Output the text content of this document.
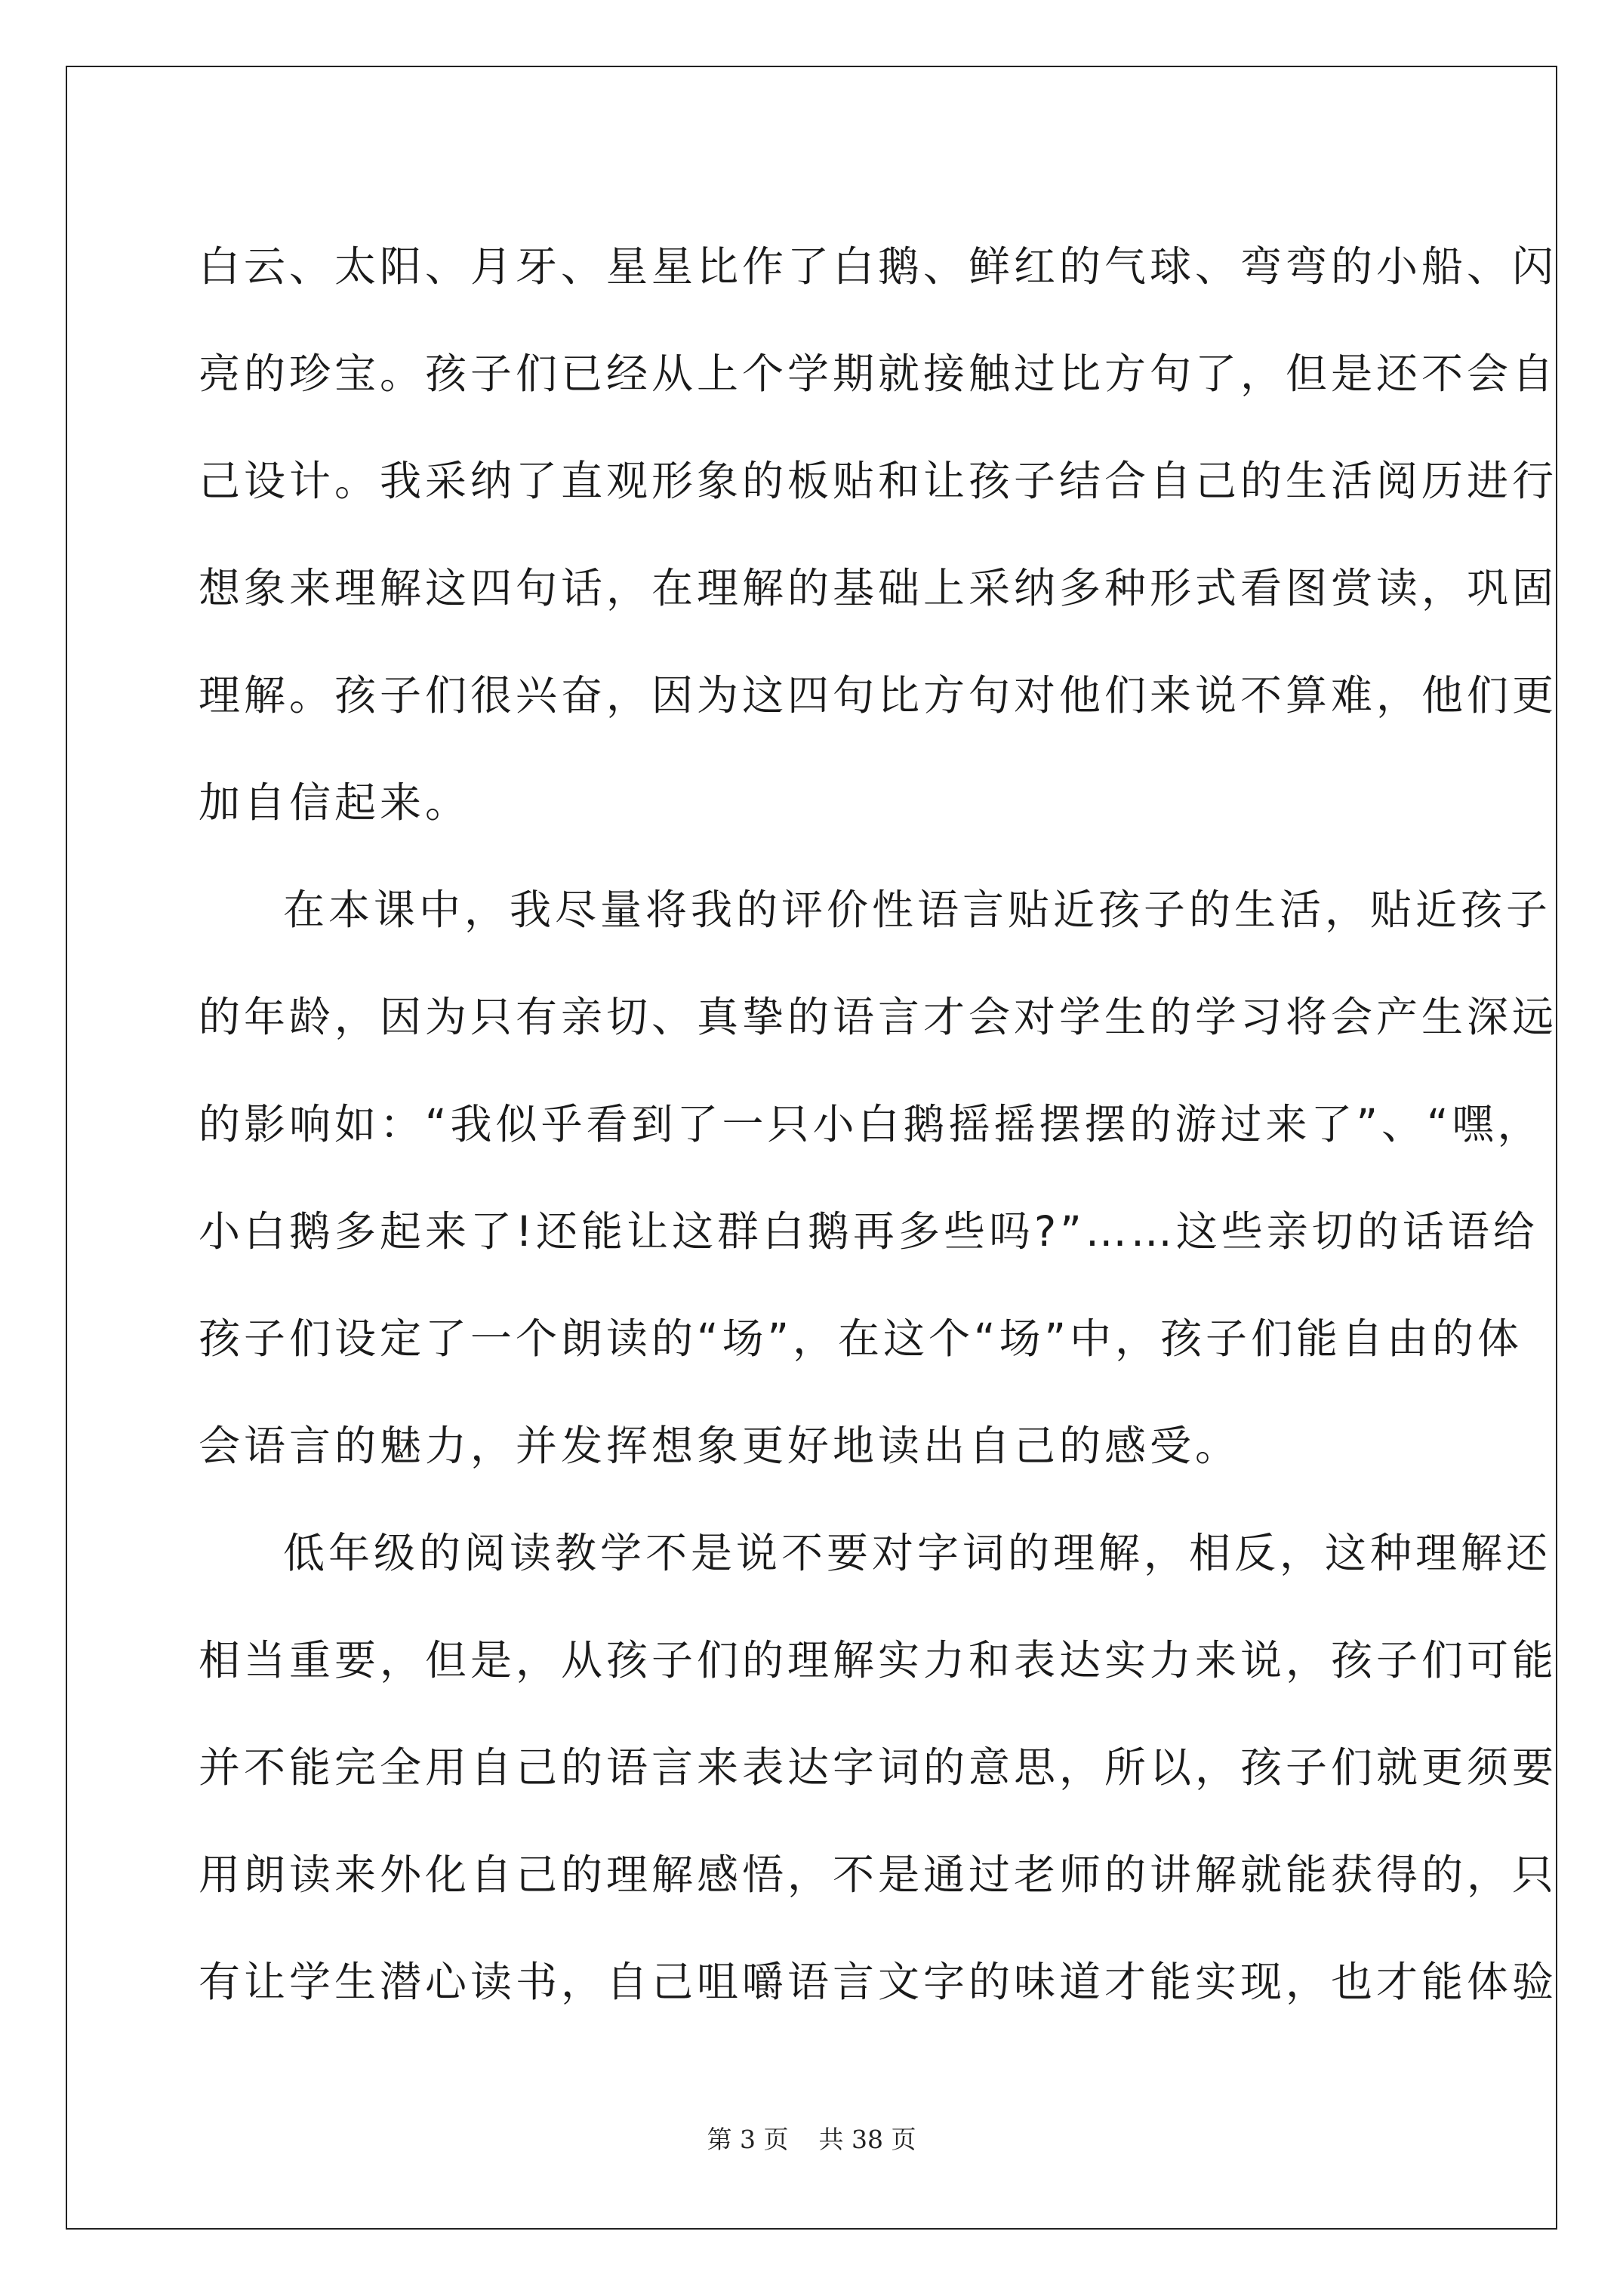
白云、太阳、月牙、星星比作了白鹅、鲜红的气球、弯弯的小船、闪
亮的珍宝。孩子们已经从上个学期就接触过比方句了，但是还不会自
己设计。我采纳了直观形象的板贴和让孩子结合自己的生活阅历进行
想象来理解这四句话，在理解的基础上采纳多种形式看图赏读，巩固
理解。孩子们很兴奋，因为这四句比方句对他们来说不算难，他们更
加自信起来。
在本课中，我尽量将我的评价性语言贴近孩子的生活，贴近孩子
的年龄，因为只有亲切、真挚的语言才会对学生的学习将会产生深远
的影响如：“我似乎看到了一只小白鹅摇摇摆摆的游过来了”、“嘿，
小白鹅多起来了!还能让这群白鹅再多些吗?”……这些亲切的话语给
孩子们设定了一个朗读的“场”，在这个“场”中，孩子们能自由的体
会语言的魅力，并发挥想象更好地读出自己的感受。
低年级的阅读教学不是说不要对字词的理解，相反，这种理解还
相当重要，但是，从孩子们的理解实力和表达实力来说，孩子们可能
并不能完全用自己的语言来表达字词的意思，所以，孩子们就更须要
用朗读来外化自己的理解感悟，不是通过老师的讲解就能获得的，只
有让学生潜心读书，自己咀嚼语言文字的味道才能实现，也才能体验
第 3 页 共 38 页
